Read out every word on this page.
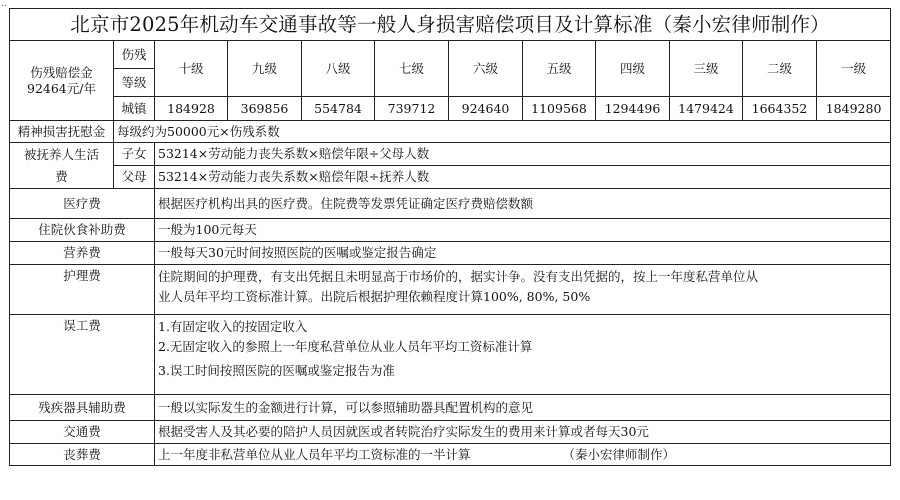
..
北京市2025年机动车交通事故等一般人身损害赔偿项目及计算标准（秦小宏律师制作）											

伤残赔偿金
92464元/年	伤残	十级	九级	八级	七级	六级	五级	四级	三级	二级	一级
	等级										
	城镇	184928	369856	554784	739712	924640	1109568	1294496	1479424	1664352	1849280
精神损害抚慰金	每级约为50000元×伤残系数										

被抚养人生活
费	子女	53214×劳动能力丧失系数×赔偿年限÷父母人数									
	父母	53214×劳动能力丧失系数×赔偿年限÷抚养人数									
医疗费		根据医疗机构出具的医疗费。住院费等发票凭证确定医疗费赔偿数额									
住院伙食补助费		一般为100元每天									
营养费		一般每天30元时间按照医院的医嘱或鉴定报告确定									
护理费		住院期间的护理费，有支出凭据且未明显高于市场价的，据实计争。没有支出凭据的，按上一年度私营单位从
业人员年平均工资标准计算。出院后根据护理依赖程度计算100%, 80%, 50%									

误工费		1.有固定收入的按固定收入
2.无固定收入的参照上一年度私营单位从业人员年平均工资标准计算
3.误工时间按照医院的医嘱或鉴定报告为准									

残疾器具辅助费		一般以实际发生的金额进行计算，可以参照辅助器具配置机构的意见									
交通费		根据受害人及其必要的陪护人员因就医或者转院治疗实际发生的费用来计算或者每天30元									
丧葬费		上一年度非私营单位从业人员年平均工资标准的一半计算 （秦小宏律师制作）									
